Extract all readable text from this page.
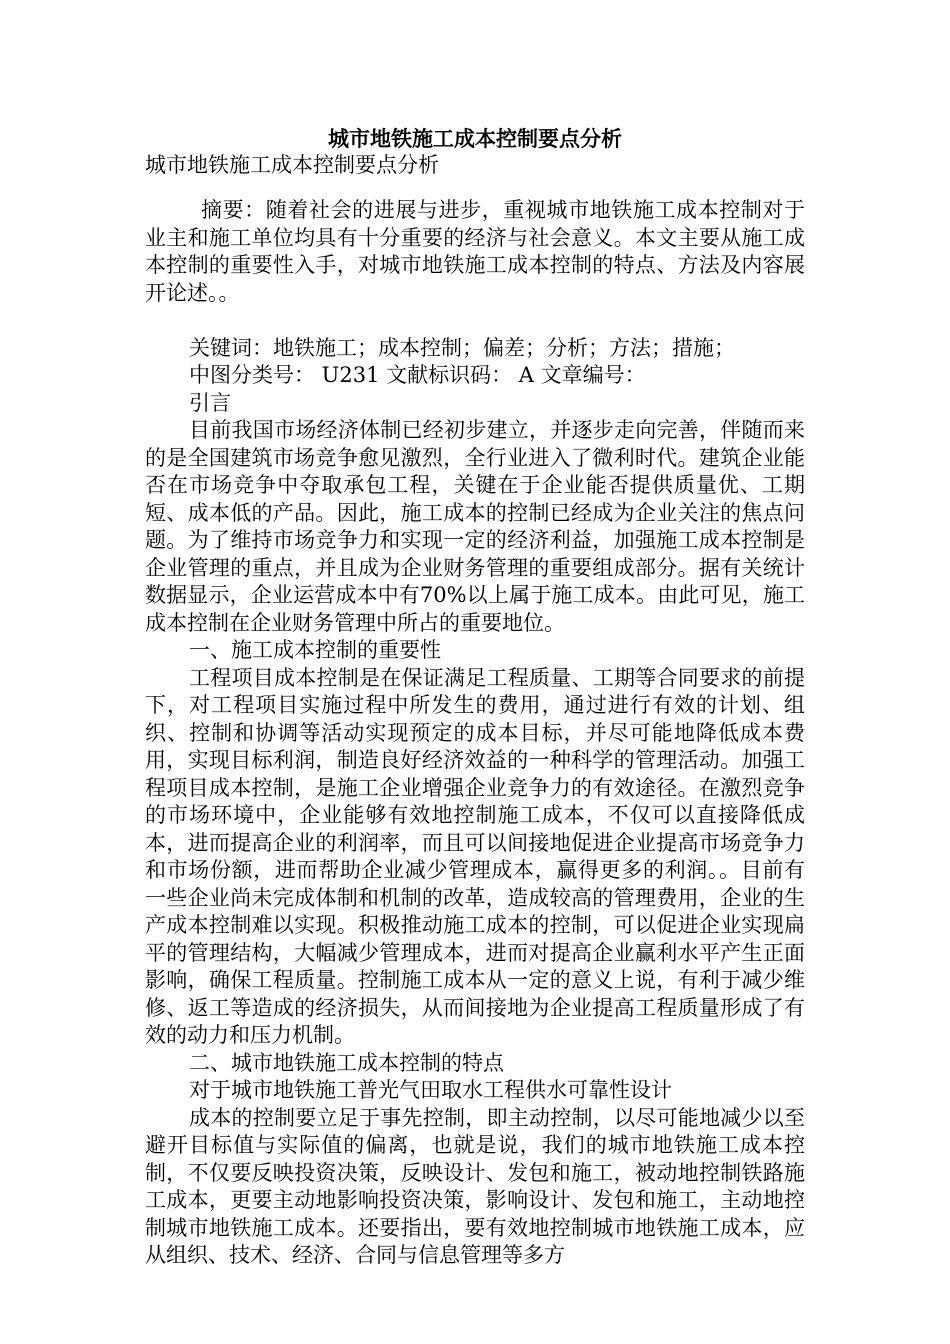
城市地铁施工成本控制要点分析
城市地铁施工成本控制要点分析

摘要：随着社会的进展与进步，重视城市地铁施工成本控制对于业主和施工单位均具有十分重要的经济与社会意义。本文主要从施工成本控制的重要性入手，对城市地铁施工成本控制的特点、方法及内容展开论述。。

关键词：地铁施工；成本控制；偏差；分析；方法；措施；

中图分类号： U231 文献标识码： A 文章编号：

引言

目前我国市场经济体制已经初步建立，并逐步走向完善，伴随而来的是全国建筑市场竞争愈见激烈，全行业进入了微利时代。建筑企业能否在市场竞争中夺取承包工程，关键在于企业能否提供质量优、工期短、成本低的产品。因此，施工成本的控制已经成为企业关注的焦点问题。为了维持市场竞争力和实现一定的经济利益，加强施工成本控制是企业管理的重点，并且成为企业财务管理的重要组成部分。据有关统计数据显示，企业运营成本中有70%以上属于施工成本。由此可见，施工成本控制在企业财务管理中所占的重要地位。

一、施工成本控制的重要性

工程项目成本控制是在保证满足工程质量、工期等合同要求的前提下，对工程项目实施过程中所发生的费用，通过进行有效的计划、组织、控制和协调等活动实现预定的成本目标，并尽可能地降低成本费用，实现目标利润，制造良好经济效益的一种科学的管理活动。加强工程项目成本控制，是施工企业增强企业竞争力的有效途径。在激烈竞争的市场环境中，企业能够有效地控制施工成本，不仅可以直接降低成本，进而提高企业的利润率，而且可以间接地促进企业提高市场竞争力和市场份额，进而帮助企业减少管理成本，赢得更多的利润。。目前有一些企业尚未完成体制和机制的改革，造成较高的管理费用，企业的生产成本控制难以实现。积极推动施工成本的控制，可以促进企业实现扁平的管理结构，大幅减少管理成本，进而对提高企业赢利水平产生正面影响，确保工程质量。控制施工成本从一定的意义上说，有利于减少维修、返工等造成的经济损失，从而间接地为企业提高工程质量形成了有效的动力和压力机制。

二、城市地铁施工成本控制的特点

对于城市地铁施工普光气田取水工程供水可靠性设计

成本的控制要立足于事先控制，即主动控制，以尽可能地减少以至避开目标值与实际值的偏离，也就是说，我们的城市地铁施工成本控制，不仅要反映投资决策，反映设计、发包和施工，被动地控制铁路施工成本，更要主动地影响投资决策，影响设计、发包和施工，主动地控制城市地铁施工成本。还要指出，要有效地控制城市地铁施工成本，应从组织、技术、经济、合同与信息管理等多方
